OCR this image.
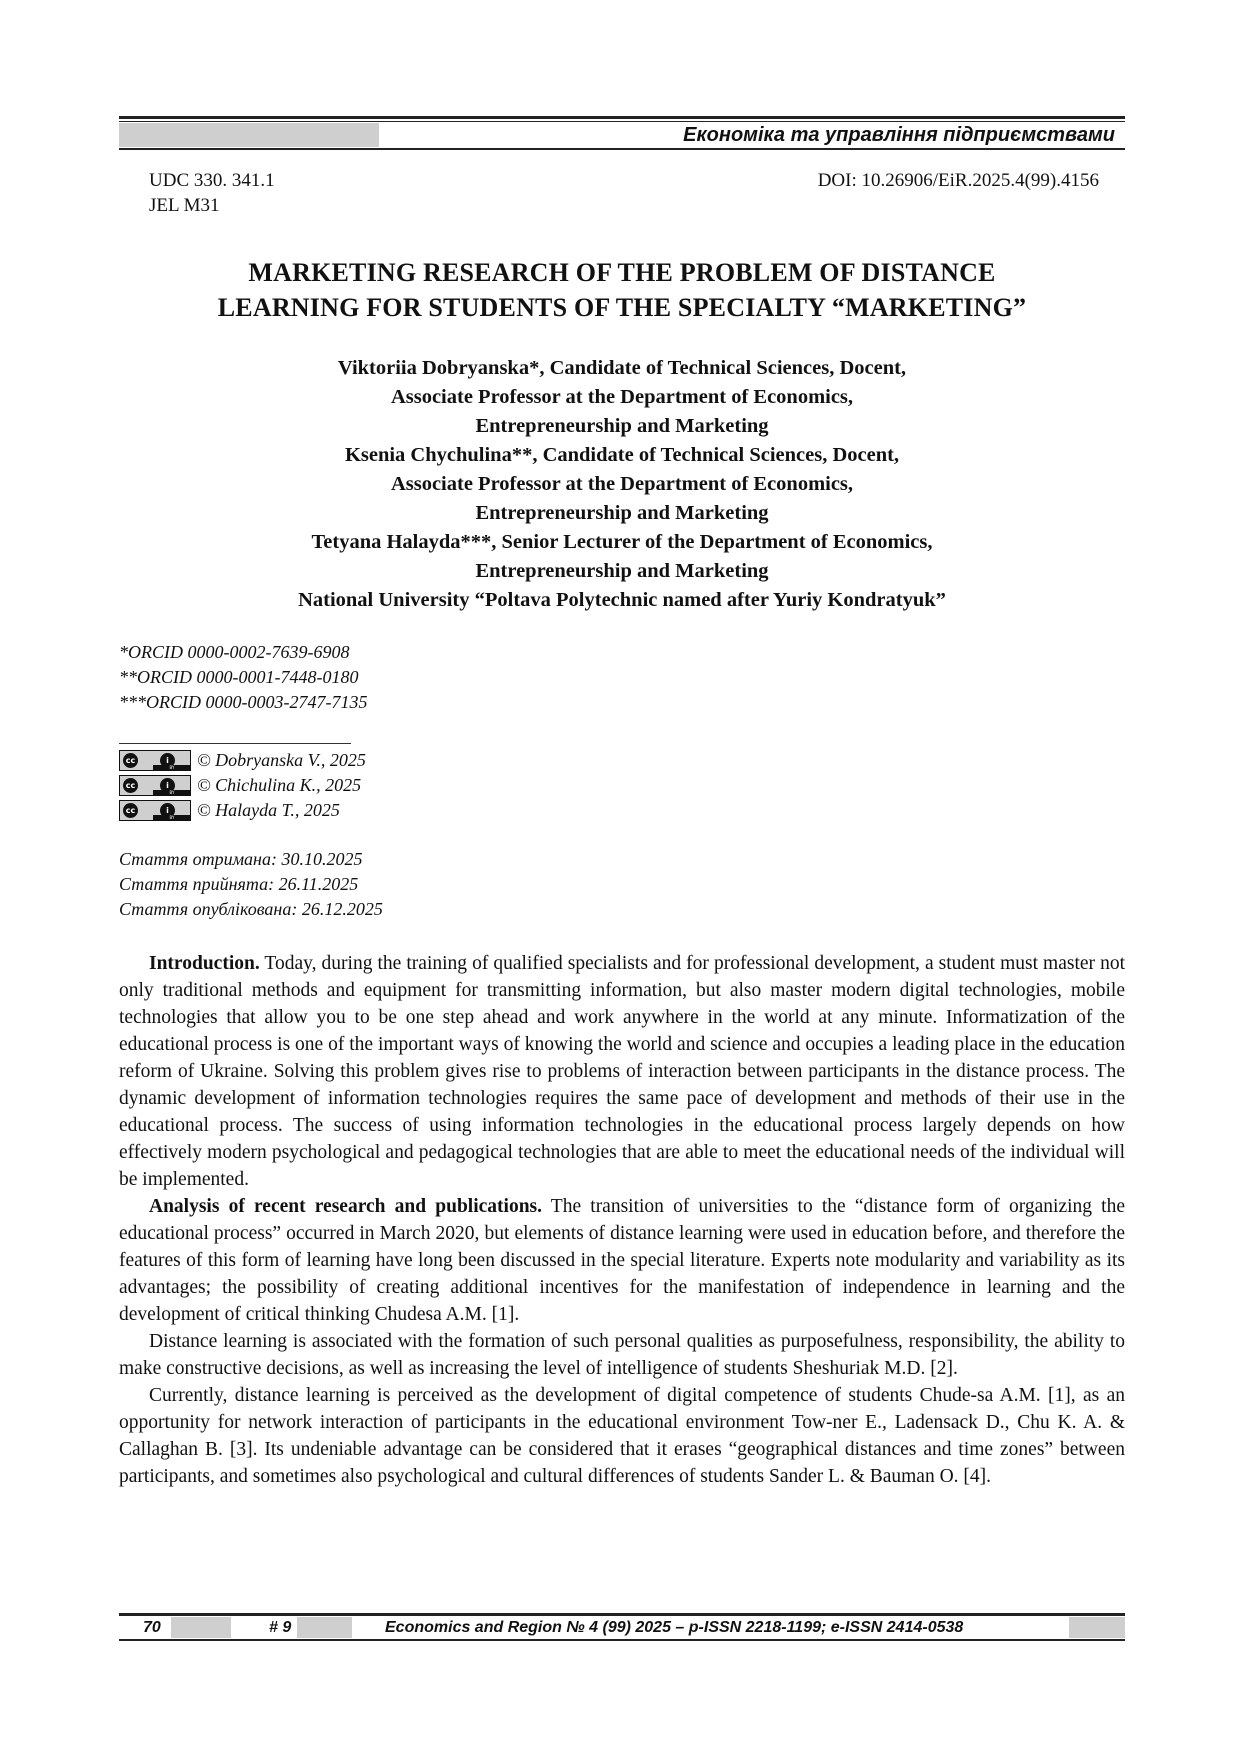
Економіка та управління підприємствами
UDC 330. 341.1
JEL M31
DOI: 10.26906/EiR.2025.4(99).4156
MARKETING RESEARCH OF THE PROBLEM OF DISTANCE
LEARNING FOR STUDENTS OF THE SPECIALTY “MARKETING”
Viktoriia Dobryanska*, Candidate of Technical Sciences, Docent,
Associate Professor at the Department of Economics,
Entrepreneurship and Marketing
Ksenia Chychulina**, Candidate of Technical Sciences, Docent,
Associate Professor at the Department of Economics,
Entrepreneurship and Marketing
Tetyana Halayda***, Senior Lecturer of the Department of Economics,
Entrepreneurship and Marketing
National University “Poltava Polytechnic named after Yuriy Kondratyuk”
*ORCID 0000-0002-7639-6908
**ORCID 0000-0001-7448-0180
***ORCID 0000-0003-2747-7135
cc	i
BY	© Dobryanska V., 2025
cc	i
BY	© Chichulina K., 2025
cc	i
BY	© Halayda T., 2025
Стаття отримана: 30.10.2025
Стаття прийнята: 26.11.2025
Стаття опублікована: 26.12.2025

Introduction. Today, during the training of qualified specialists and for professional development, a student must master not only traditional methods and equipment for transmitting information, but also master modern digital technologies, mobile technologies that allow you to be one step ahead and work anywhere in the world at any minute. Informatization of the educational process is one of the important ways of knowing the world and science and occupies a leading place in the education reform of Ukraine. Solving this problem gives rise to problems of interaction between participants in the distance process. The dynamic development of information technologies requires the same pace of development and methods of their use in the educational process. The success of using information technologies in the educational process largely depends on how effectively modern psychological and pedagogical technologies that are able to meet the educational needs of the individual will be implemented.

Analysis of recent research and publications. The transition of universities to the “distance form of organizing the educational process” occurred in March 2020, but elements of distance learning were used in education before, and therefore the features of this form of learning have long been discussed in the special literature. Experts note modularity and variability as its advantages; the possibility of creating additional incentives for the manifestation of independence in learning and the development of critical thinking Chudesa A.M. [1].

Distance learning is associated with the formation of such personal qualities as purposefulness, responsibility, the ability to make constructive decisions, as well as increasing the level of intelligence of students Sheshuriak M.D. [2].

Currently, distance learning is perceived as the development of digital competence of students Chude-sa A.M. [1], as an opportunity for network interaction of participants in the educational environment Tow-ner E., Ladensack D., Chu K. A. & Callaghan B. [3]. Its undeniable advantage can be considered that it erases “geographical distances and time zones” between participants, and sometimes also psychological and cultural differences of students Sander L. & Bauman O. [4].

70	# 9	Economics and Region № 4 (99) 2025 – p-ISSN 2218-1199; e-ISSN 2414-0538
